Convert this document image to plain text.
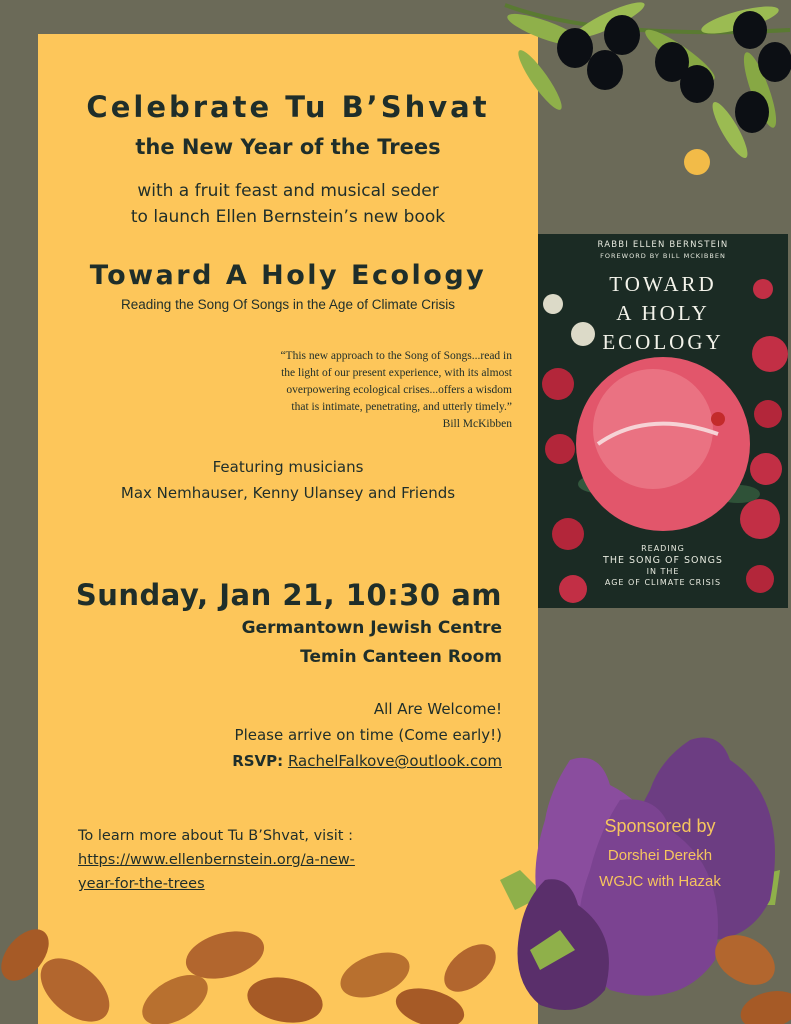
Celebrate Tu B’Shvat

the New Year of the Trees

with a fruit feast and musical seder

to launch Ellen Bernstein’s new book

Toward A Holy Ecology

Reading the Song Of Songs in the Age of Climate Crisis

“This new approach to the Song of Songs...read in

the light of our present experience, with its almost

overpowering ecological crises...offers a wisdom

that is intimate, penetrating, and utterly timely.”

Bill McKibben

Featuring musicians

Max Nemhauser, Kenny Ulansey and Friends

Sunday, Jan 21, 10:30 am

Germantown Jewish Centre

Temin Canteen Room

All Are Welcome!

Please arrive on time (Come early!)

RSVP: RachelFalkove@outlook.com

To learn more about Tu B’Shvat, visit :

https://www.ellenbernstein.org/a-new-

year-for-the-trees

RABBI ELLEN BERNSTEIN

FOREWORD BY BILL MCKIBBEN

TOWARD

A HOLY

ECOLOGY

READING

THE SONG OF SONGS

IN THE

AGE OF CLIMATE CRISIS

Sponsored by

Dorshei Derekh

WGJC with Hazak
